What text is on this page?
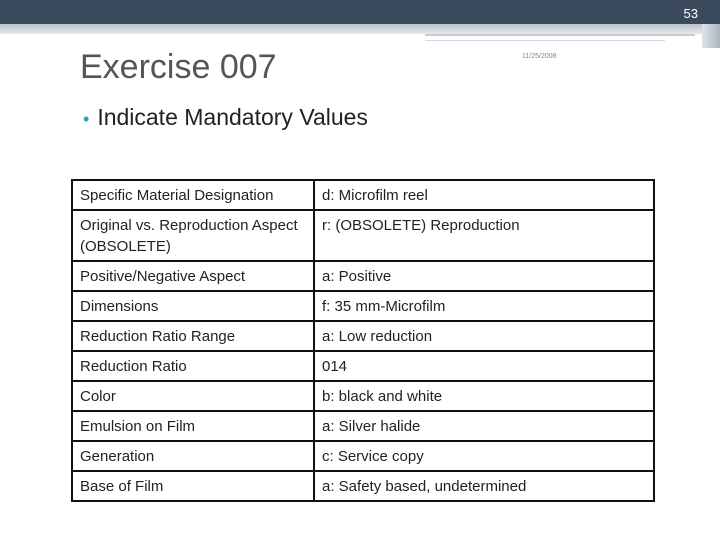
53
Exercise 007	11/25/2008
• Indicate Mandatory Values
Specific Material Designation	d: Microfilm reel
Original vs. Reproduction Aspect (OBSOLETE)	r: (OBSOLETE) Reproduction
Positive/Negative Aspect	a: Positive
Dimensions	f: 35 mm-Microfilm
Reduction Ratio Range	a: Low reduction
Reduction Ratio	014
Color	b: black and white
Emulsion on Film	a: Silver halide
Generation	c: Service copy
Base of Film	a: Safety based, undetermined
